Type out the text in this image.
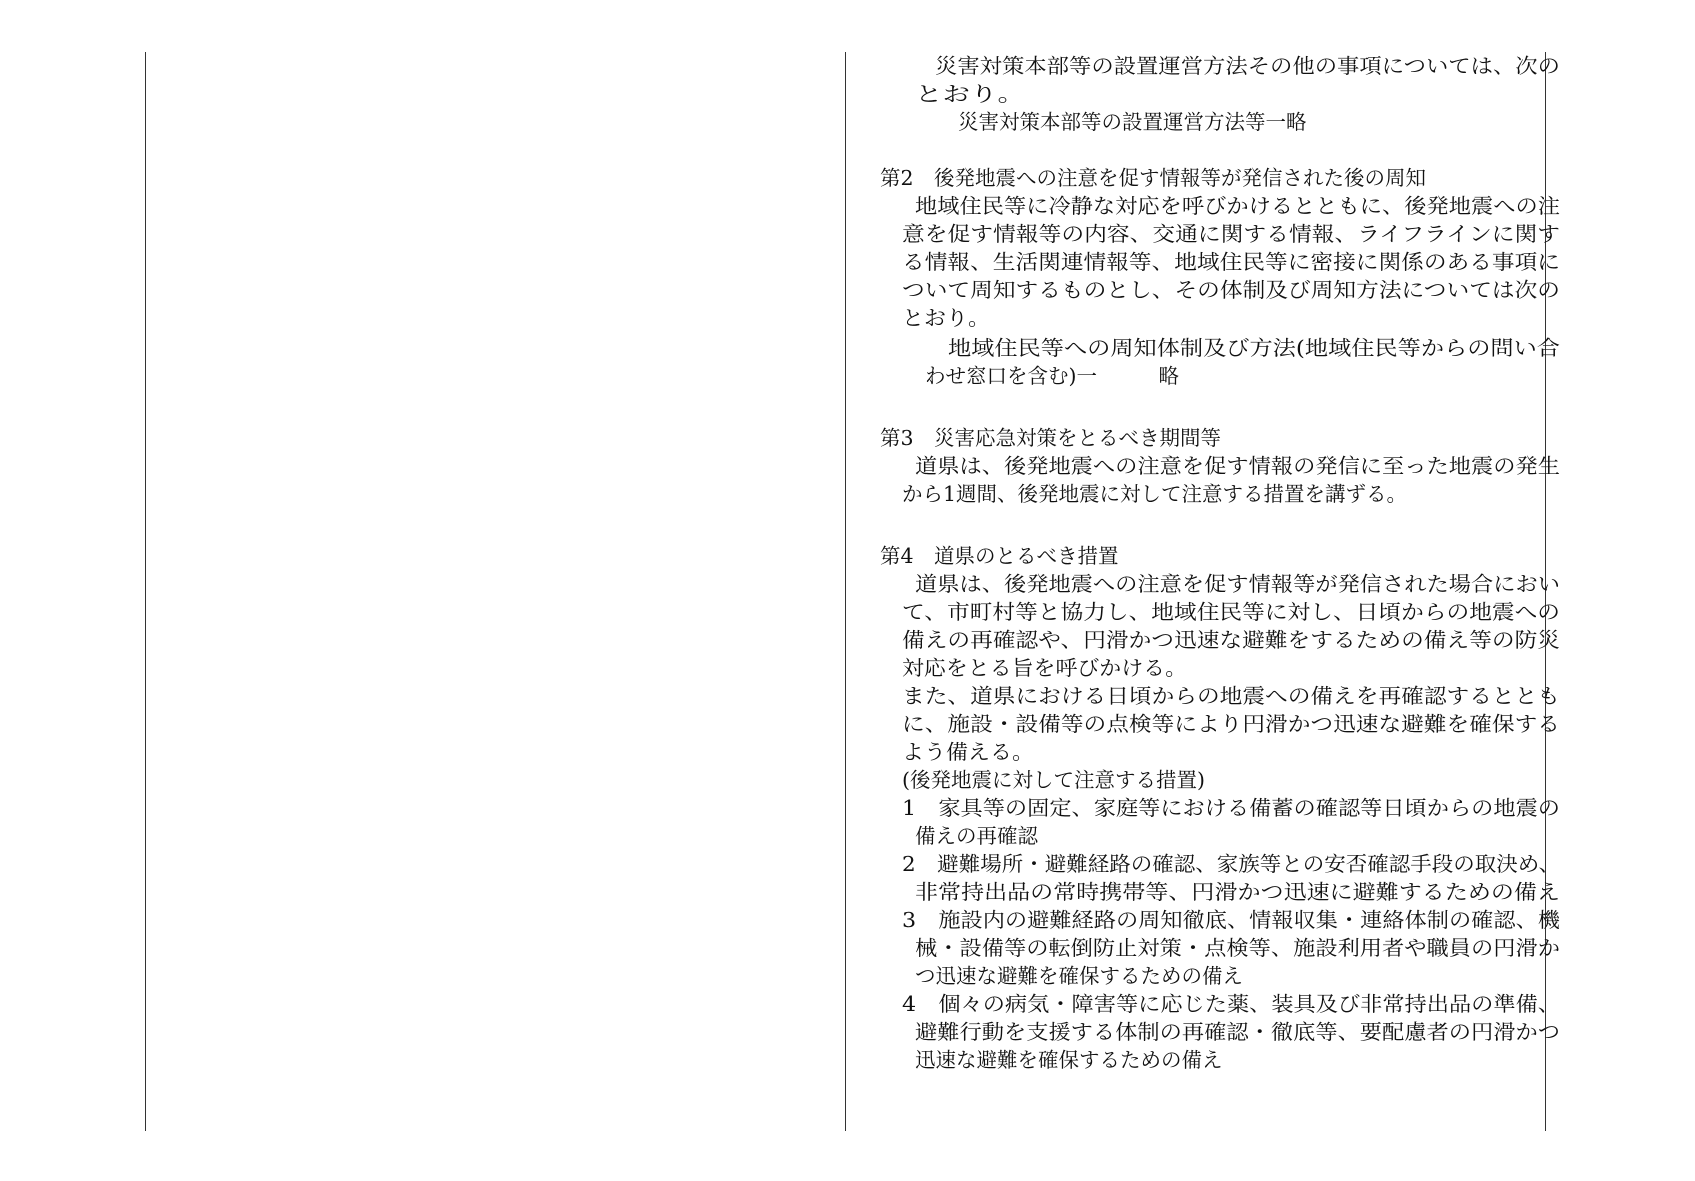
災害対策本部等の設置運営方法その他の事項については、次の
とおり。
災害対策本部等の設置運営方法等一略
第2　後発地震への注意を促す情報等が発信された後の周知
地域住民等に冷静な対応を呼びかけるとともに、後発地震への注
意を促す情報等の内容、交通に関する情報、ライフラインに関す
る情報、生活関連情報等、地域住民等に密接に関係のある事項に
ついて周知するものとし、その体制及び周知方法については次の
とおり。
地域住民等への周知体制及び方法(地域住民等からの問い合
わせ窓口を含む)一　　　略
第3　災害応急対策をとるべき期間等
道県は、後発地震への注意を促す情報の発信に至った地震の発生
から1週間、後発地震に対して注意する措置を講ずる。
第4　道県のとるべき措置
道県は、後発地震への注意を促す情報等が発信された場合におい
て、市町村等と協力し、地域住民等に対し、日頃からの地震への
備えの再確認や、円滑かつ迅速な避難をするための備え等の防災
対応をとる旨を呼びかける。
また、道県における日頃からの地震への備えを再確認するととも
に、施設・設備等の点検等により円滑かつ迅速な避難を確保する
よう備える。
(後発地震に対して注意する措置)
1　家具等の固定、家庭等における備蓄の確認等日頃からの地震の
備えの再確認
2　避難場所・避難経路の確認、家族等との安否確認手段の取決め、
非常持出品の常時携帯等、円滑かつ迅速に避難するための備え
3　施設内の避難経路の周知徹底、情報収集・連絡体制の確認、機
械・設備等の転倒防止対策・点検等、施設利用者や職員の円滑か
つ迅速な避難を確保するための備え
4　個々の病気・障害等に応じた薬、装具及び非常持出品の準備、
避難行動を支援する体制の再確認・徹底等、要配慮者の円滑かつ
迅速な避難を確保するための備え
